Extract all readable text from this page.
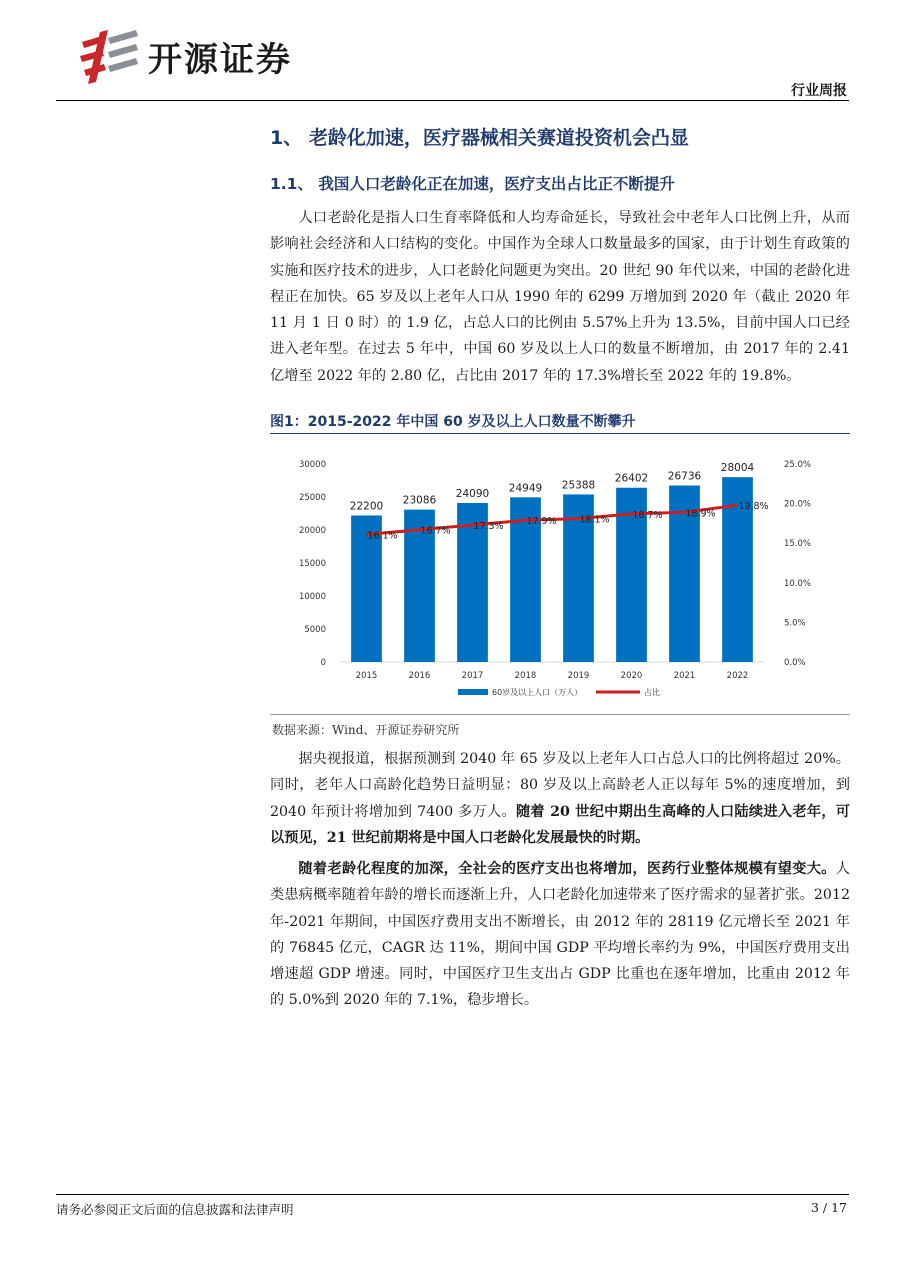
开源证券
行业周报
1、 老龄化加速，医疗器械相关赛道投资机会凸显
1.1、 我国人口老龄化正在加速，医疗支出占比正不断提升

人口老龄化是指人口生育率降低和人均寿命延长，导致社会中老年人口比例上升，从而影响社会经济和人口结构的变化。中国作为全球人口数量最多的国家，由于计划生育政策的实施和医疗技术的进步，人口老龄化问题更为突出。20 世纪 90 年代以来，中国的老龄化进程正在加快。65 岁及以上老年人口从 1990 年的 6299 万增加到 2020 年（截止 2020 年 11 月 1 日 0 时）的 1.9 亿，占总人口的比例由 5.57%上升为 13.5%，目前中国人口已经进入老年型。在过去 5 年中，中国 60 岁及以上人口的数量不断增加，由 2017 年的 2.41 亿增至 2022 年的 2.80 亿，占比由 2017 年的 17.3%增长至 2022 年的 19.8%。

图1：2015-2022 年中国 60 岁及以上人口数量不断攀升
0
5000
10000
15000
20000
25000
30000
0.0%
5.0%
10.0%
15.0%
20.0%
25.0%
22200 23086
24090 24949 25388
26402 26736
28004
16.1% 16.7% 17.3% 17.9% 18.1% 18.7% 18.9%
19.8%
2015	2016	2017	2018	2019	2020	2021	2022
60岁及以上人口（万人）	占比
数据来源：Wind、开源证券研究所

据央视报道，根据预测到 2040 年 65 岁及以上老年人口占总人口的比例将超过 20%。同时，老年人口高龄化趋势日益明显：80 岁及以上高龄老人正以每年 5%的速度增加，到 2040 年预计将增加到 7400 多万人。随着 20 世纪中期出生高峰的人口陆续进入老年，可以预见，21 世纪前期将是中国人口老龄化发展最快的时期。

随着老龄化程度的加深，全社会的医疗支出也将增加，医药行业整体规模有望变大。人类患病概率随着年龄的增长而逐渐上升，人口老龄化加速带来了医疗需求的显著扩张。2012 年-2021 年期间，中国医疗费用支出不断增长，由 2012 年的 28119 亿元增长至 2021 年的 76845 亿元，CAGR 达 11%，期间中国 GDP 平均增长率约为 9%，中国医疗费用支出增速超 GDP 增速。同时，中国医疗卫生支出占 GDP 比重也在逐年增加，比重由 2012 年的 5.0%到 2020 年的 7.1%，稳步增长。

请务必参阅正文后面的信息披露和法律声明	3 / 17
